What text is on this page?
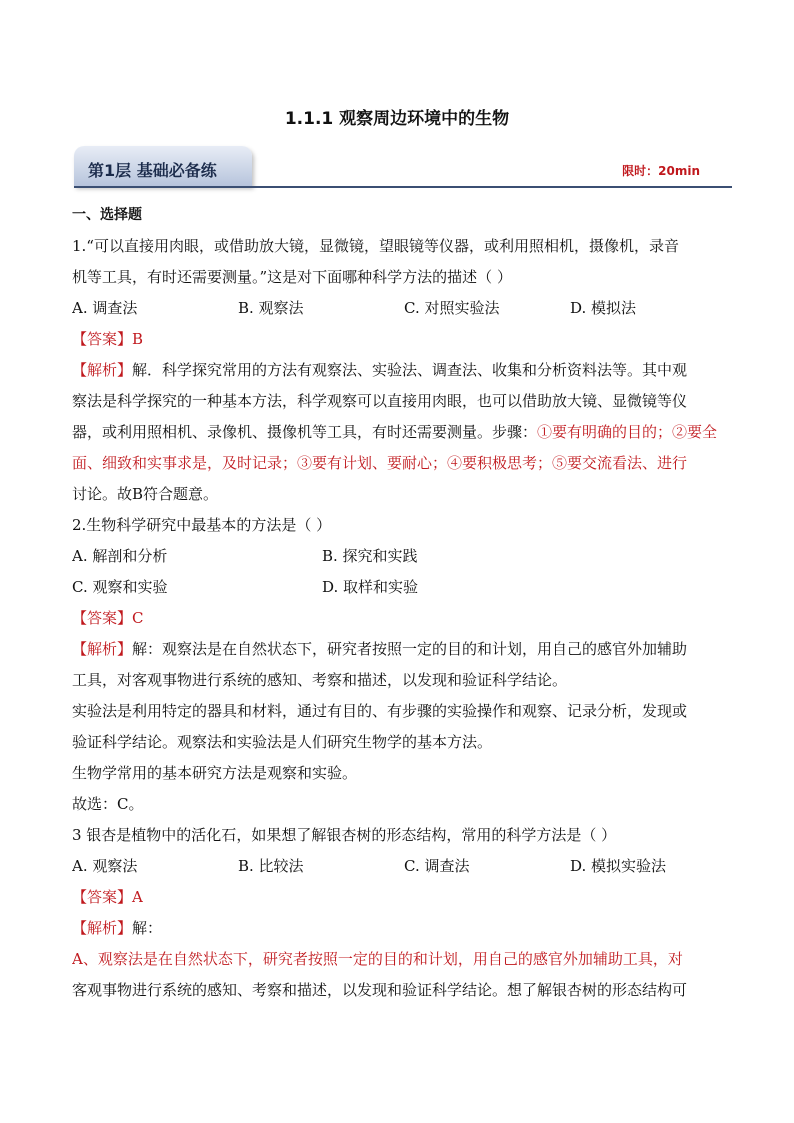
1.1.1 观察周边环境中的生物
第1层 基础必备练	限时：20min
一、选择题
1.“可以直接用肉眼，或借助放大镜，显微镜，望眼镜等仪器，或利用照相机，摄像机，录音
机等工具，有时还需要测量。”这是对下面哪种科学方法的描述（ ）
A. 调查法	B. 观察法	C. 对照实验法	D. 模拟法
【答案】B
【解析】解．科学探究常用的方法有观察法、实验法、调查法、收集和分析资料法等。其中观
察法是科学探究的一种基本方法，科学观察可以直接用肉眼，也可以借助放大镜、显微镜等仪
器，或利用照相机、录像机、摄像机等工具，有时还需要测量。步骤：①要有明确的目的；②要全
面、细致和实事求是，及时记录；③要有计划、要耐心；④要积极思考；⑤要交流看法、进行
讨论。故B符合题意。
2.生物科学研究中最基本的方法是（ ）
A. 解剖和分析	B. 探究和实践
C. 观察和实验	D. 取样和实验
【答案】C
【解析】解：观察法是在自然状态下，研究者按照一定的目的和计划，用自己的感官外加辅助
工具，对客观事物进行系统的感知、考察和描述，以发现和验证科学结论。
实验法是利用特定的器具和材料，通过有目的、有步骤的实验操作和观察、记录分析，发现或
验证科学结论。观察法和实验法是人们研究生物学的基本方法。
生物学常用的基本研究方法是观察和实验。
故选：C。
3 银杏是植物中的活化石，如果想了解银杏树的形态结构，常用的科学方法是（ ）
A. 观察法	B. 比较法	C. 调查法	D. 模拟实验法
【答案】A
【解析】解：
A、观察法是在自然状态下，研究者按照一定的目的和计划，用自己的感官外加辅助工具，对
客观事物进行系统的感知、考察和描述，以发现和验证科学结论。想了解银杏树的形态结构可
